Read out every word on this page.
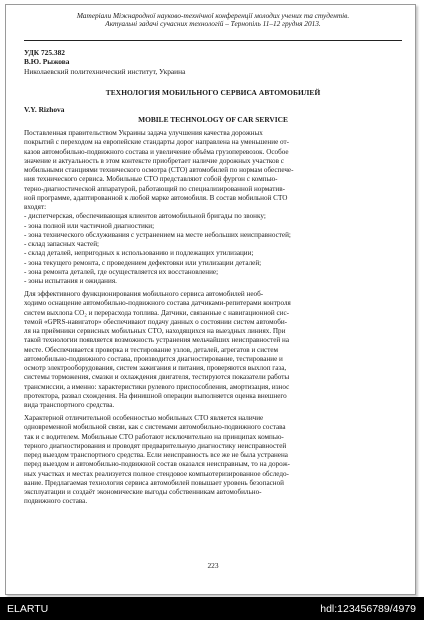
Матеріали Міжнародної науково-технічної конференції молодих учених та студентів.
Актуальні задачі сучасних технологій – Тернопіль 11–12 грудня 2013.
УДК 725.382
В.Ю. Рыжова
Николаевский политехнический институт, Украина
ТЕХНОЛОГИЯ МОБИЛЬНОГО СЕРВИСА АВТОМОБИЛЕЙ
V.Y. Rizhova
MOBILE TECHNOLOGY OF CAR SERVICE
Поставленная правительством Украины задача улучшения качества дорожных
покрытий с переходом на европейские стандарты дорог направлена на уменьшение от-
казов автомобильно-подвижного состава и увеличение объёма грузоперевозок. Особое
значение и актуальность в этом контексте приобретает наличие дорожных участков с
мобильными станциями технического осмотра (СТО) автомобилей по нормам обеспече-
ния технического сервиса. Мобильные СТО представляют собой фургон с компью-
терно-диагностической аппаратурой, работающий по специализированной норматив-
ной программе, адаптированной к любой марке автомобиля. В состав мобильной СТО
входят:
- диспетчерская, обеспечивающая клиентов автомобильной бригады по звонку;
- зона полной или частичной диагностики;
- зона технического обслуживания с устранением на месте небольших неисправностей;
- склад запасных частей;
- склад деталей, непригодных к использованию и подлежащих утилизации;
- зона текущего ремонта, с проведением дефектовки или утилизации деталей;
- зона ремонта деталей, где осуществляется их восстановление;
- зоны испытания и ожидания.
Для эффективного функционирования мобильного сервиса автомобилей необ-
ходимо оснащение автомобильно-подвижного состава датчиками-репитерами контроля
систем выхлопа CO₂ и перерасхода топлива. Датчики, связанные с навигационной сис-
темой «GPRS-навигатор» обеспечивают подачу данных о состоянии систем автомоби-
ля на приёмники сервисных мобильных СТО, находящихся на выездных линиях. При
такой технологии появляется возможность устранения мельчайших неисправностей на
месте. Обеспечивается проверка и тестирование узлов, деталей, агрегатов и систем
автомобильно-подвижного состава, производится диагностирование, тестирование и
осмотр электрооборудования, систем зажигания и питания, проверяются выхлоп газа,
системы торможения, смазки и охлаждения двигателя, тестируются показатели работы
трансмиссии, а именно: характеристики рулевого приспособления, амортизация, износ
протектора, развал схождения. На финишной операции выполняется оценка внешнего
вида транспортного средства.
Характерной отличительной особенностью мобильных СТО является наличие
одновременной мобильной связи, как с системами автомобильно-подвижного состава
так и с водителем. Мобильные СТО работают исключительно на принципах компью-
терного диагностирования и проводят предварительную диагностику неисправностей
перед выездом транспортного средства. Если неисправность все же не была устранена
перед выездом и автомобильно-подвижной состав оказался неисправным, то на дорож-
ных участках и местах реализуется полное стендовое компьютеризированное обследо-
вание. Предлагаемая технология сервиса автомобилей повышает уровень безопасной
эксплуатации и создаёт экономические выгоды собственникам автомобильно-
подвижного состава.
223
ELARTU	hdl:123456789/4979
